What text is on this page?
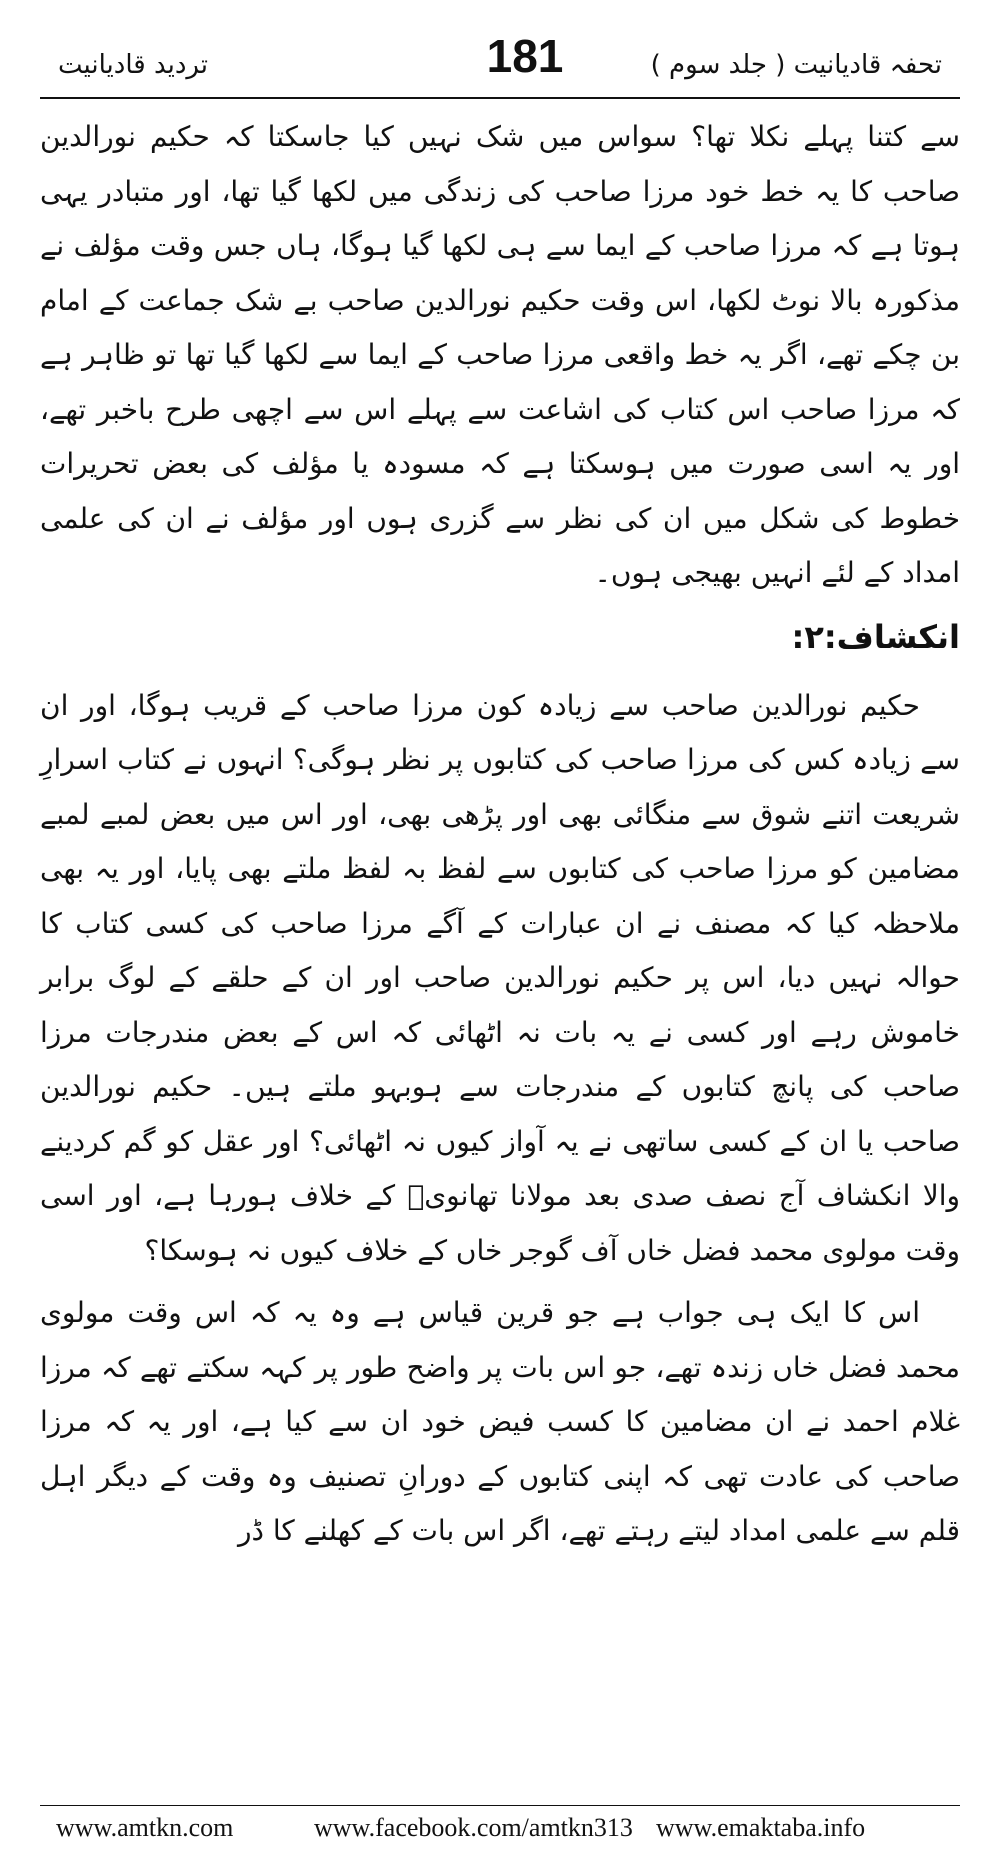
تردید قادیانیت	181	تحفہ قادیانیت ( جلد سوم )

سے کتنا پہلے نکلا تھا؟ سواس میں شک نہیں کیا جاسکتا کہ حکیم نورالدین صاحب کا یہ خط خود مرزا صاحب کی زندگی میں لکھا گیا تھا، اور متبادر یہی ہوتا ہے کہ مرزا صاحب کے ایما سے ہی لکھا گیا ہوگا، ہاں جس وقت مؤلف نے مذکورہ بالا نوٹ لکھا، اس وقت حکیم نورالدین صاحب بے شک جماعت کے امام بن چکے تھے، اگر یہ خط واقعی مرزا صاحب کے ایما سے لکھا گیا تھا تو ظاہر ہے کہ مرزا صاحب اس کتاب کی اشاعت سے پہلے اس سے اچھی طرح باخبر تھے، اور یہ اسی صورت میں ہوسکتا ہے کہ مسودہ یا مؤلف کی بعض تحریرات خطوط کی شکل میں ان کی نظر سے گزری ہوں اور مؤلف نے ان کی علمی امداد کے لئے انہیں بھیجی ہوں۔

انکشاف:۲:

حکیم نورالدین صاحب سے زیادہ کون مرزا صاحب کے قریب ہوگا، اور ان سے زیادہ کس کی مرزا صاحب کی کتابوں پر نظر ہوگی؟ انہوں نے کتاب اسرارِ شریعت اتنے شوق سے منگائی بھی اور پڑھی بھی، اور اس میں بعض لمبے لمبے مضامین کو مرزا صاحب کی کتابوں سے لفظ بہ لفظ ملتے بھی پایا، اور یہ بھی ملاحظہ کیا کہ مصنف نے ان عبارات کے آگے مرزا صاحب کی کسی کتاب کا حوالہ نہیں دیا، اس پر حکیم نورالدین صاحب اور ان کے حلقے کے لوگ برابر خاموش رہے اور کسی نے یہ بات نہ اٹھائی کہ اس کے بعض مندرجات مرزا صاحب کی پانچ کتابوں کے مندرجات سے ہوبہو ملتے ہیں۔ حکیم نورالدین صاحب یا ان کے کسی ساتھی نے یہ آواز کیوں نہ اٹھائی؟ اور عقل کو گم کردینے والا انکشاف آج نصف صدی بعد مولانا تھانویؒ کے خلاف ہورہا ہے، اور اسی وقت مولوی محمد فضل خاں آف گوجر خاں کے خلاف کیوں نہ ہوسکا؟

اس کا ایک ہی جواب ہے جو قرین قیاس ہے وہ یہ کہ اس وقت مولوی محمد فضل خاں زندہ تھے، جو اس بات پر واضح طور پر کہہ سکتے تھے کہ مرزا غلام احمد نے ان مضامین کا کسب فیض خود ان سے کیا ہے، اور یہ کہ مرزا صاحب کی عادت تھی کہ اپنی کتابوں کے دورانِ تصنیف وہ وقت کے دیگر اہل قلم سے علمی امداد لیتے رہتے تھے، اگر اس بات کے کھلنے کا ڈر

www.amtkn.com	www.facebook.com/amtkn313 www.emaktaba.info
